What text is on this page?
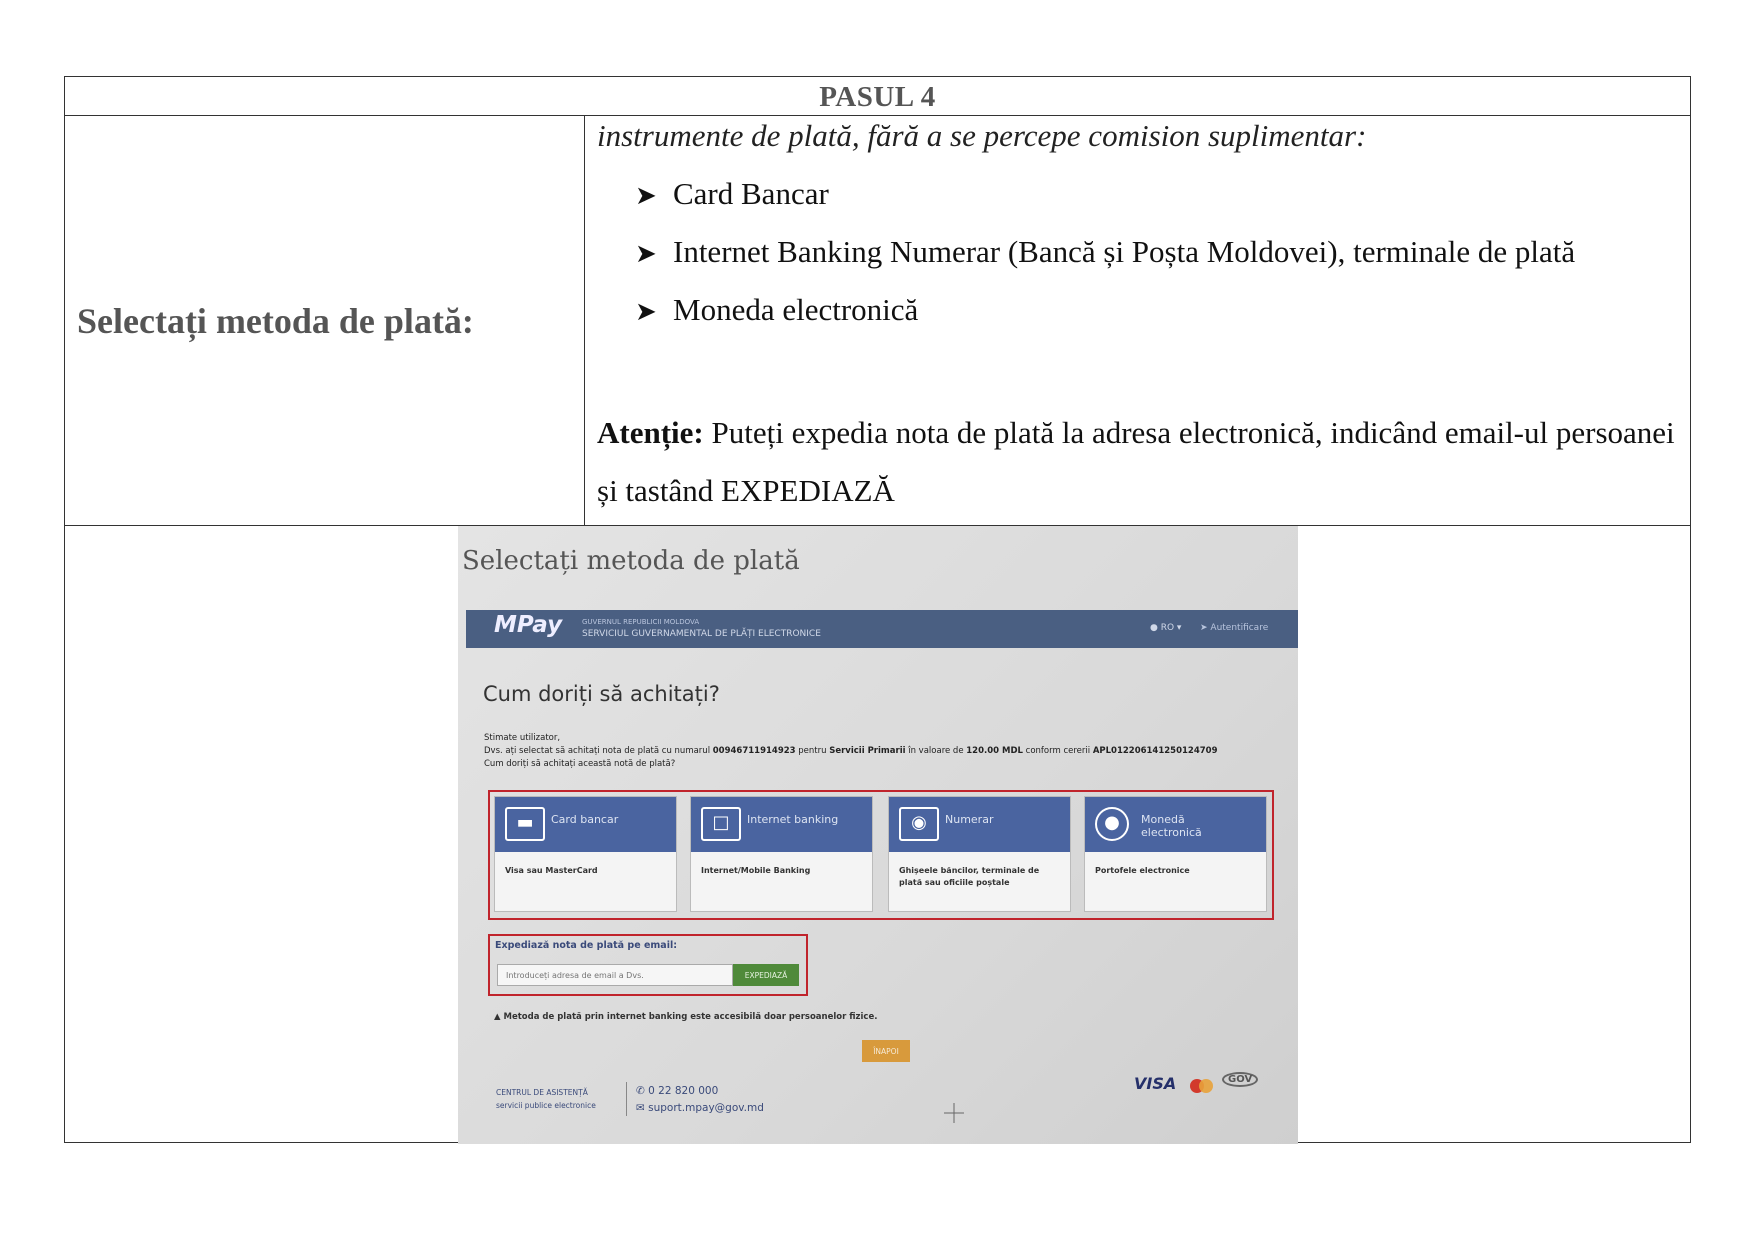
PASUL 4
Selectați metoda de plată:
instrumente de plată, fără a se percepe comision suplimentar:
➤ Card Bancar
➤ Internet Banking Numerar (Bancă și Poșta Moldovei), terminale de plată
➤ Moneda electronică
Atenție: Puteți expedia nota de plată la adresa electronică, indicând email-ul persoanei și tastând EXPEDIAZĂ
Selectați metoda de plată
MPay	GUVERNUL REPUBLICII MOLDOVA
SERVICIUL GUVERNAMENTAL DE PLĂȚI ELECTRONICE
● RO ▾ ➤ Autentificare
Cum doriți să achitați?
Stimate utilizator,
Dvs. ați selectat să achitați nota de plată cu numarul 00946711914923 pentru Servicii Primarii în valoare de 120.00 MDL conform cererii APL012206141250124709
Cum doriți să achitați această notă de plată?
▬	Card bancar
Visa sau MasterCard
□	Internet banking
Internet/Mobile Banking
◉	Numerar
Ghișeele băncilor, terminale de plată sau oficiile poștale
●	Monedă electronică
Portofele electronice
Expediază nota de plată pe email:
Introduceți adresa de email a Dvs.
EXPEDIAZĂ
▲ Metoda de plată prin internet banking este accesibilă doar persoanelor fizice.
ÎNAPOI
CENTRUL DE ASISTENȚĂ
servicii publice electronice
✆ 0 22 820 000
✉ suport.mpay@gov.md
VISA	GOV
